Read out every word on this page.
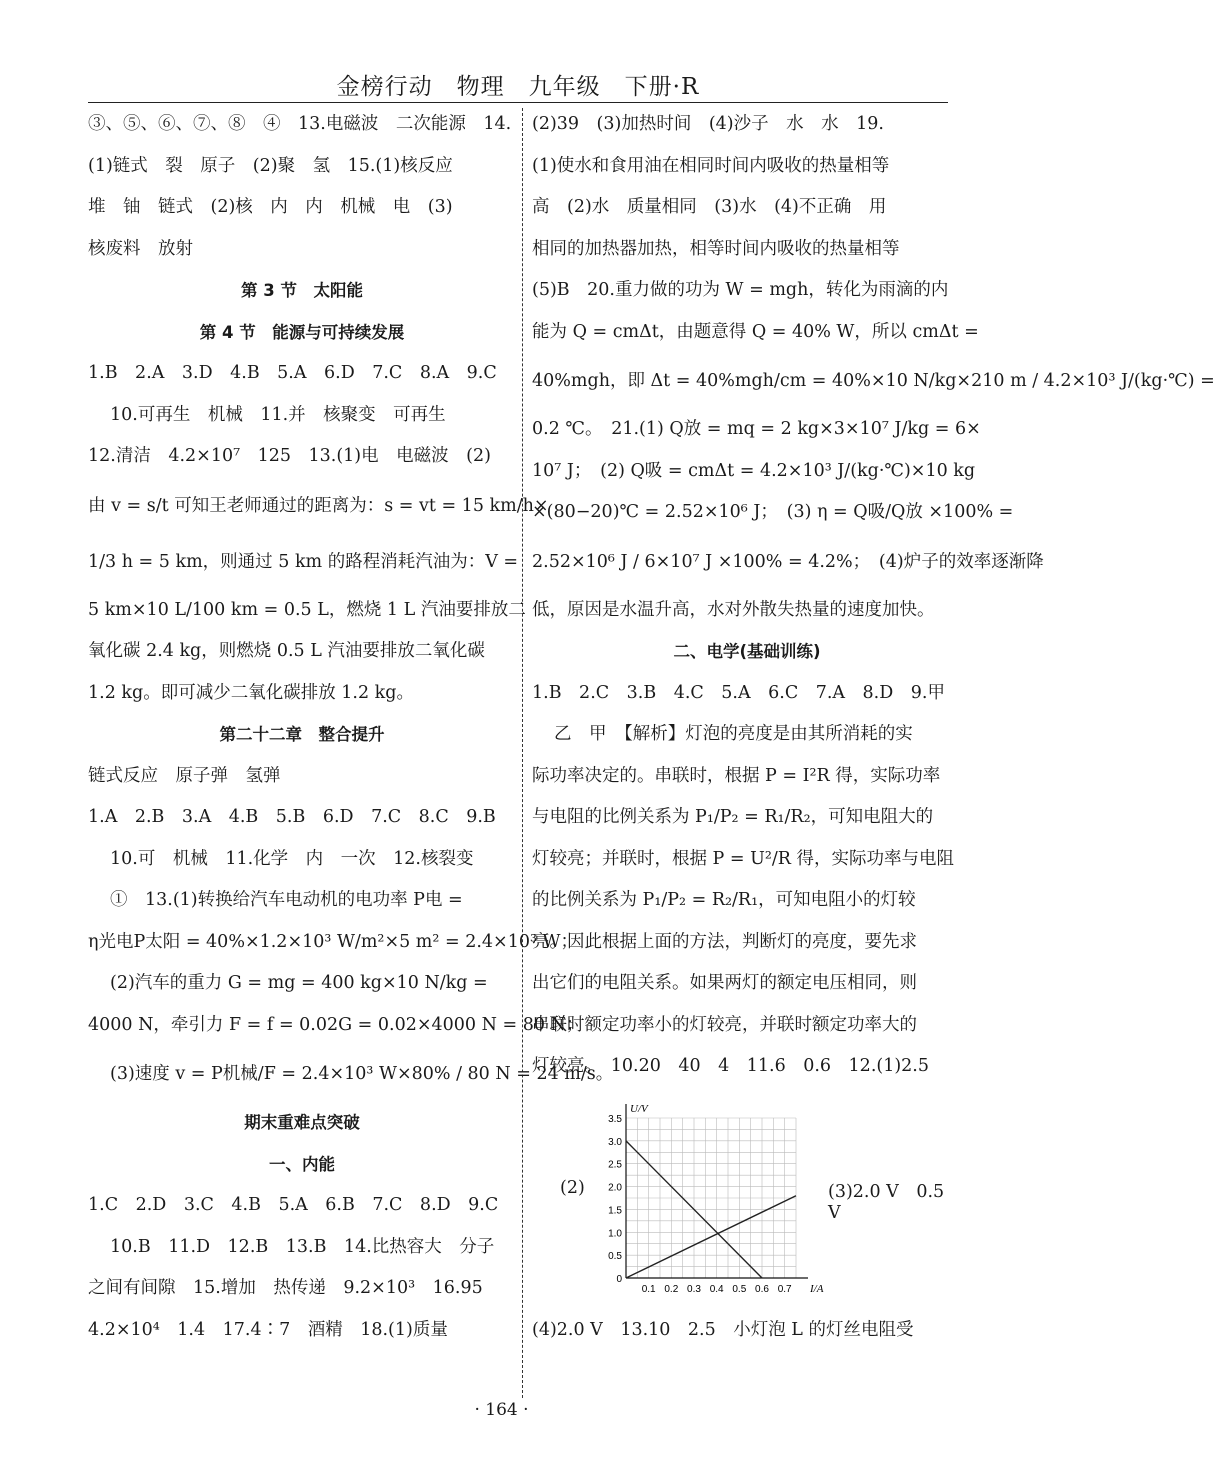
金榜行动　物理　九年级　下册·R
③、⑤、⑥、⑦、⑧　④　13.电磁波　二次能源　14.
(1)链式　裂　原子　(2)聚　氢　15.(1)核反应
堆　铀　链式　(2)核　内　内　机械　电　(3)
核废料　放射
第 3 节　太阳能
第 4 节　能源与可持续发展
1.B　2.A　3.D　4.B　5.A　6.D　7.C　8.A　9.C
10.可再生　机械　11.并　核聚变　可再生
12.清洁　4.2×10⁷　125　13.(1)电　电磁波　(2)
由 v = s/t 可知王老师通过的距离为：s = vt = 15 km/h×
1/3 h = 5 km，则通过 5 km 的路程消耗汽油为：V =
5 km×10 L/100 km = 0.5 L，燃烧 1 L 汽油要排放二
氧化碳 2.4 kg，则燃烧 0.5 L 汽油要排放二氧化碳
1.2 kg。即可减少二氧化碳排放 1.2 kg。
第二十二章　整合提升
链式反应　原子弹　氢弹
1.A　2.B　3.A　4.B　5.B　6.D　7.C　8.C　9.B
10.可　机械　11.化学　内　一次　12.核裂变
①　13.(1)转换给汽车电动机的电功率 P电 =
η光电P太阳 = 40%×1.2×10³ W/m²×5 m² = 2.4×10³ W；
(2)汽车的重力 G = mg = 400 kg×10 N/kg =
4000 N，牵引力 F = f = 0.02G = 0.02×4000 N = 80 N；
(3)速度 v = P机械/F = 2.4×10³ W×80% / 80 N = 24 m/s。
期末重难点突破
一、内能
1.C　2.D　3.C　4.B　5.A　6.B　7.C　8.D　9.C
10.B　11.D　12.B　13.B　14.比热容大　分子
之间有间隙　15.增加　热传递　9.2×10³　16.95
4.2×10⁴　1.4　17.4∶7　酒精　18.(1)质量
(2)39　(3)加热时间　(4)沙子　水　水　19.
(1)使水和食用油在相同时间内吸收的热量相等
高　(2)水　质量相同　(3)水　(4)不正确　用
相同的加热器加热，相等时间内吸收的热量相等
(5)B　20.重力做的功为 W = mgh，转化为雨滴的内
能为 Q = cmΔt，由题意得 Q = 40% W，所以 cmΔt =
40%mgh，即 Δt = 40%mgh/cm = 40%×10 N/kg×210 m / 4.2×10³ J/(kg·℃) =
0.2 ℃。　21.(1) Q放 = mq = 2 kg×3×10⁷ J/kg = 6×
10⁷ J；　(2) Q吸 = cmΔt = 4.2×10³ J/(kg·℃)×10 kg
×(80−20)℃ = 2.52×10⁶ J；　(3) η = Q吸/Q放 ×100% =
2.52×10⁶ J / 6×10⁷ J ×100% = 4.2%；　(4)炉子的效率逐渐降
低，原因是水温升高，水对外散失热量的速度加快。
二、电学(基础训练)
1.B　2.C　3.B　4.C　5.A　6.C　7.A　8.D　9.甲
乙　甲　【解析】灯泡的亮度是由其所消耗的实
际功率决定的。串联时，根据 P = I²R 得，实际功率
与电阻的比例关系为 P₁/P₂ = R₁/R₂，可知电阻大的
灯较亮；并联时，根据 P = U²/R 得，实际功率与电阻
的比例关系为 P₁/P₂ = R₂/R₁，可知电阻小的灯较
亮。因此根据上面的方法，判断灯的亮度，要先求
出它们的电阻关系。如果两灯的额定电压相同，则
串联时额定功率小的灯较亮，并联时额定功率大的
灯较亮。　10.20　40　4　11.6　0.6　12.(1)2.5
(2)
0.1 0.2 0.3 0.4 0.5 0.6 0.7
0
0.5
1.0
1.5
2.0
2.5
3.0
3.5
I/A
U/V
(3)2.0 V　0.5 V
(4)2.0 V　13.10　2.5　小灯泡 L 的灯丝电阻受
· 164 ·
